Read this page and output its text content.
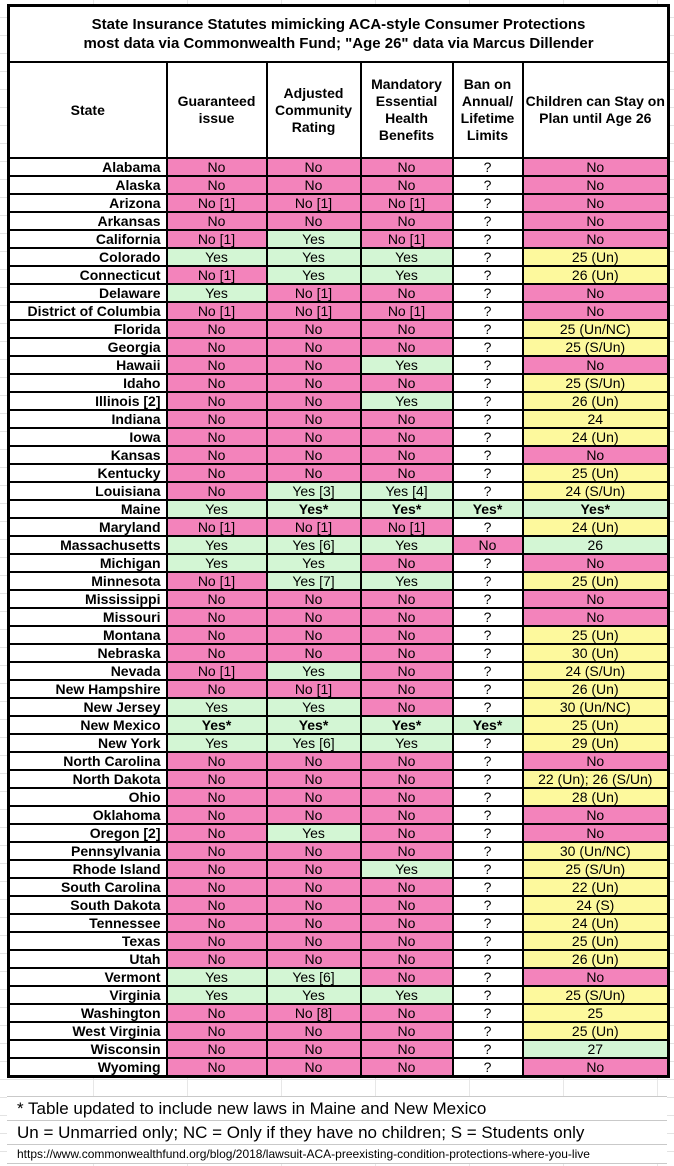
State Insurance Statutes mimicking ACA-style Consumer Protections
most data via Commonwealth Fund; "Age 26" data via Marcus Dillender					

State	Guaranteed issue	Adjusted Community Rating	Mandatory Essential Health Benefits	Ban on Annual/ Lifetime Limits	Children can Stay on Plan until Age 26
Alabama	No	No	No	?	No
Alaska	No	No	No	?	No
Arizona	No [1]	No [1]	No [1]	?	No
Arkansas	No	No	No	?	No
California	No [1]	Yes	No [1]	?	No
Colorado	Yes	Yes	Yes	?	25 (Un)
Connecticut	No [1]	Yes	Yes	?	26 (Un)
Delaware	Yes	No [1]	No	?	No
District of Columbia	No [1]	No [1]	No [1]	?	No
Florida	No	No	No	?	25 (Un/NC)
Georgia	No	No	No	?	25 (S/Un)
Hawaii	No	No	Yes	?	No
Idaho	No	No	No	?	25 (S/Un)
Illinois [2]	No	No	Yes	?	26 (Un)
Indiana	No	No	No	?	24
Iowa	No	No	No	?	24 (Un)
Kansas	No	No	No	?	No
Kentucky	No	No	No	?	25 (Un)
Louisiana	No	Yes [3]	Yes [4]	?	24 (S/Un)
Maine	Yes	Yes*	Yes*	Yes*	Yes*
Maryland	No [1]	No [1]	No [1]	?	24 (Un)
Massachusetts	Yes	Yes [6]	Yes	No	26
Michigan	Yes	Yes	No	?	No
Minnesota	No [1]	Yes [7]	Yes	?	25 (Un)
Mississippi	No	No	No	?	No
Missouri	No	No	No	?	No
Montana	No	No	No	?	25 (Un)
Nebraska	No	No	No	?	30 (Un)
Nevada	No [1]	Yes	No	?	24 (S/Un)
New Hampshire	No	No [1]	No	?	26 (Un)
New Jersey	Yes	Yes	No	?	30 (Un/NC)
New Mexico	Yes*	Yes*	Yes*	Yes*	25 (Un)
New York	Yes	Yes [6]	Yes	?	29 (Un)
North Carolina	No	No	No	?	No
North Dakota	No	No	No	?	22 (Un); 26 (S/Un)
Ohio	No	No	No	?	28 (Un)
Oklahoma	No	No	No	?	No
Oregon [2]	No	Yes	No	?	No
Pennsylvania	No	No	No	?	30 (Un/NC)
Rhode Island	No	No	Yes	?	25 (S/Un)
South Carolina	No	No	No	?	22 (Un)
South Dakota	No	No	No	?	24 (S)
Tennessee	No	No	No	?	24 (Un)
Texas	No	No	No	?	25 (Un)
Utah	No	No	No	?	26 (Un)
Vermont	Yes	Yes [6]	No	?	No
Virginia	Yes	Yes	Yes	?	25 (S/Un)
Washington	No	No [8]	No	?	25
West Virginia	No	No	No	?	25 (Un)
Wisconsin	No	No	No	?	27
Wyoming	No	No	No	?	No
* Table updated to include new laws in Maine and New Mexico
Un = Unmarried only; NC = Only if they have no children; S = Students only
https://www.commonwealthfund.org/blog/2018/lawsuit-ACA-preexisting-condition-protections-where-you-live
